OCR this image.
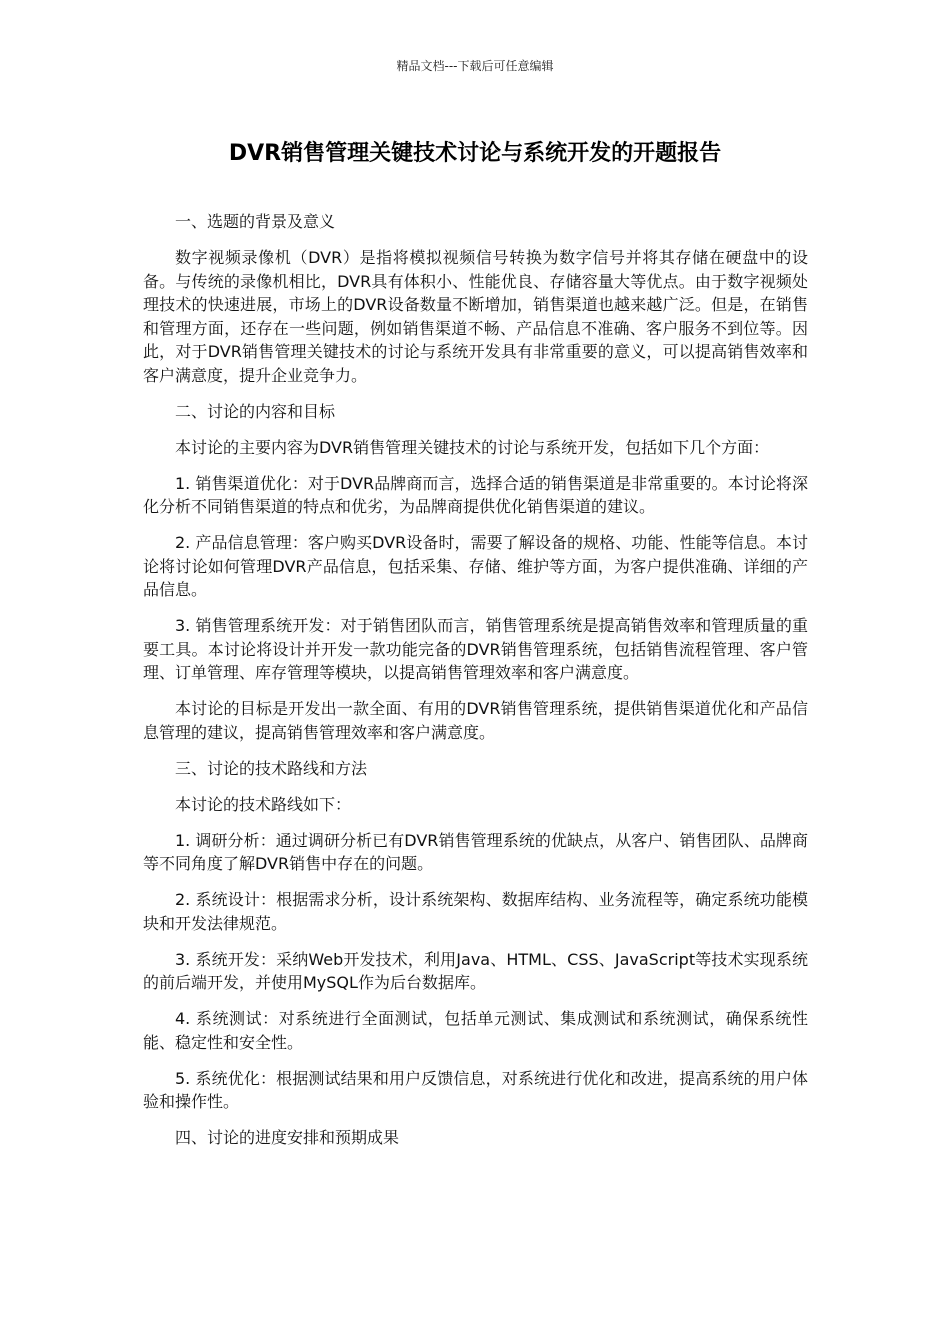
精品文档---下载后可任意编辑
DVR销售管理关键技术讨论与系统开发的开题报告

一、选题的背景及意义

数字视频录像机（DVR）是指将模拟视频信号转换为数字信号并将其存储在硬盘中的设备。与传统的录像机相比，DVR具有体积小、性能优良、存储容量大等优点。由于数字视频处理技术的快速进展，市场上的DVR设备数量不断增加，销售渠道也越来越广泛。但是，在销售和管理方面，还存在一些问题，例如销售渠道不畅、产品信息不准确、客户服务不到位等。因此，对于DVR销售管理关键技术的讨论与系统开发具有非常重要的意义，可以提高销售效率和客户满意度，提升企业竞争力。

二、讨论的内容和目标

本讨论的主要内容为DVR销售管理关键技术的讨论与系统开发，包括如下几个方面：

1. 销售渠道优化：对于DVR品牌商而言，选择合适的销售渠道是非常重要的。本讨论将深化分析不同销售渠道的特点和优劣，为品牌商提供优化销售渠道的建议。

2. 产品信息管理：客户购买DVR设备时，需要了解设备的规格、功能、性能等信息。本讨论将讨论如何管理DVR产品信息，包括采集、存储、维护等方面，为客户提供准确、详细的产品信息。

3. 销售管理系统开发：对于销售团队而言，销售管理系统是提高销售效率和管理质量的重要工具。本讨论将设计并开发一款功能完备的DVR销售管理系统，包括销售流程管理、客户管理、订单管理、库存管理等模块，以提高销售管理效率和客户满意度。

本讨论的目标是开发出一款全面、有用的DVR销售管理系统，提供销售渠道优化和产品信息管理的建议，提高销售管理效率和客户满意度。

三、讨论的技术路线和方法

本讨论的技术路线如下：

1. 调研分析：通过调研分析已有DVR销售管理系统的优缺点，从客户、销售团队、品牌商等不同角度了解DVR销售中存在的问题。

2. 系统设计：根据需求分析，设计系统架构、数据库结构、业务流程等，确定系统功能模块和开发法律规范。

3. 系统开发：采纳Web开发技术，利用Java、HTML、CSS、JavaScript等技术实现系统的前后端开发，并使用MySQL作为后台数据库。

4. 系统测试：对系统进行全面测试，包括单元测试、集成测试和系统测试，确保系统性能、稳定性和安全性。

5. 系统优化：根据测试结果和用户反馈信息，对系统进行优化和改进，提高系统的用户体验和操作性。

四、讨论的进度安排和预期成果
